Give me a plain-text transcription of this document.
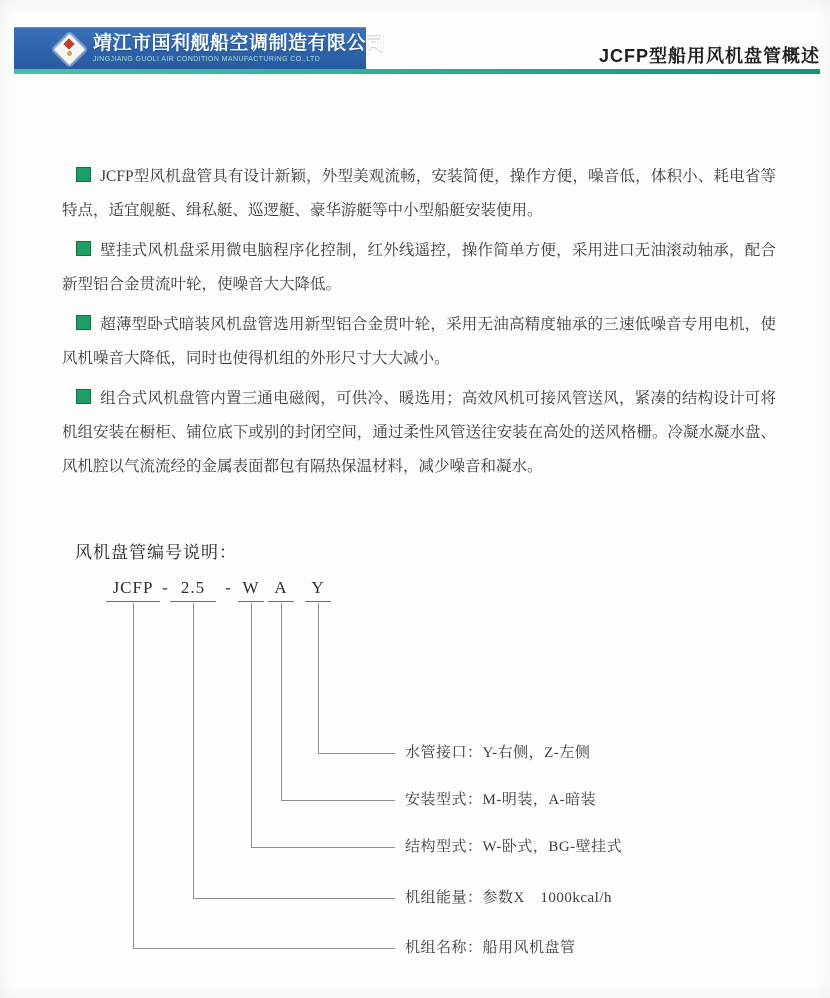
靖江市国利舰船空调制造有限公司
JINGJIANG GUOLI AIR CONDITION MANUFACTURING CO.,LTD	JCFP型船用风机盘管概述

JCFP型风机盘管具有设计新颖，外型美观流畅，安装简便，操作方便，噪音低，体积小、耗电省等特点，适宜舰艇、缉私艇、巡逻艇、豪华游艇等中小型船艇安装使用。

壁挂式风机盘采用微电脑程序化控制，红外线遥控，操作简单方便，采用进口无油滚动轴承，配合新型铝合金贯流叶轮，使噪音大大降低。

超薄型卧式暗装风机盘管选用新型铝合金贯叶轮，采用无油高精度轴承的三速低噪音专用电机，使风机噪音大降低，同时也使得机组的外形尺寸大大减小。

组合式风机盘管内置三通电磁阀，可供冷、暖选用；高效风机可接风管送风，紧凑的结构设计可将机组安装在橱柜、铺位底下或别的封闭空间，通过柔性风管送往安装在高处的送风格栅。冷凝水凝水盘、风机腔以气流流经的金属表面都包有隔热保温材料，减少噪音和凝水。

风机盘管编号说明：
JCFP - 2.5	- W A	Y
水管接口：Y-右侧，Z-左侧
安装型式：M-明装，A-暗装
结构型式：W-卧式，BG-壁挂式
机组能量：参数X　1000kcal/h
机组名称：船用风机盘管
